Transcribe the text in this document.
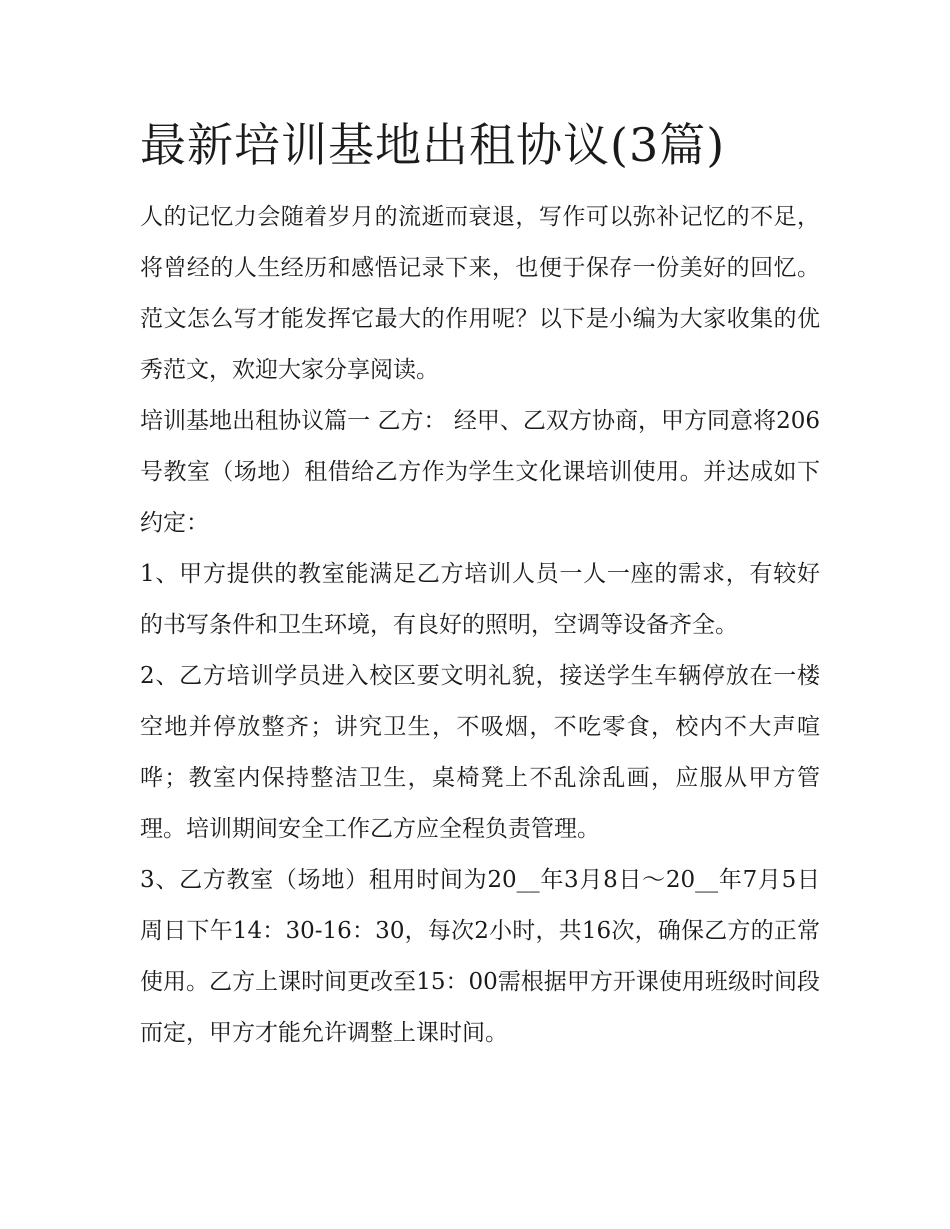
最新培训基地出租协议(3篇)

人的记忆力会随着岁月的流逝而衰退，写作可以弥补记忆的不足，将曾经的人生经历和感悟记录下来，也便于保存一份美好的回忆。范文怎么写才能发挥它最大的作用呢？以下是小编为大家收集的优秀范文，欢迎大家分享阅读。

培训基地出租协议篇一 乙方： 经甲、乙双方协商，甲方同意将206号教室（场地）租借给乙方作为学生文化课培训使用。并达成如下约定：

1、甲方提供的教室能满足乙方培训人员一人一座的需求，有较好的书写条件和卫生环境，有良好的照明，空调等设备齐全。

2、乙方培训学员进入校区要文明礼貌，接送学生车辆停放在一楼空地并停放整齐；讲究卫生，不吸烟，不吃零食，校内不大声喧哗；教室内保持整洁卫生，桌椅凳上不乱涂乱画，应服从甲方管理。培训期间安全工作乙方应全程负责管理。

3、乙方教室（场地）租用时间为20__年3月8日～20__年7月5日周日下午14：30-16：30，每次2小时，共16次，确保乙方的正常使用。乙方上课时间更改至15：00需根据甲方开课使用班级时间段而定，甲方才能允许调整上课时间。
